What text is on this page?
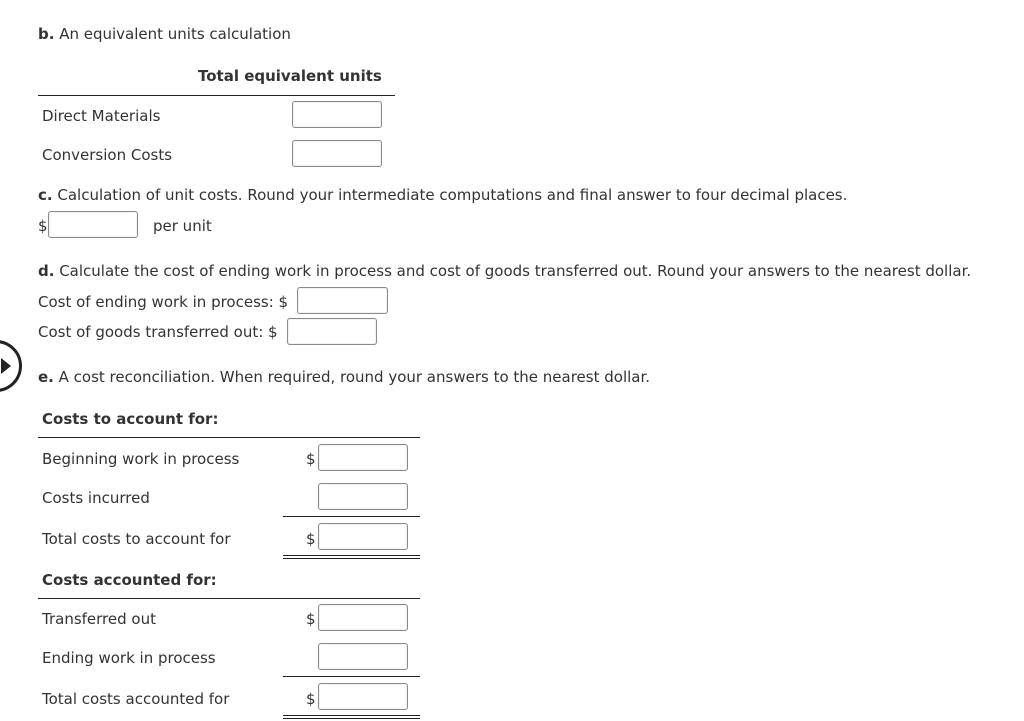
b. An equivalent units calculation
Total equivalent units
Direct Materials
Conversion Costs
c. Calculation of unit costs. Round your intermediate computations and final answer to four decimal places.
$	per unit
d. Calculate the cost of ending work in process and cost of goods transferred out. Round your answers to the nearest dollar.
Cost of ending work in process: $
Cost of goods transferred out: $
e. A cost reconciliation. When required, round your answers to the nearest dollar.
Costs to account for:
Beginning work in process	$
Costs incurred
Total costs to account for	$
Costs accounted for:
Transferred out	$
Ending work in process
Total costs accounted for	$
